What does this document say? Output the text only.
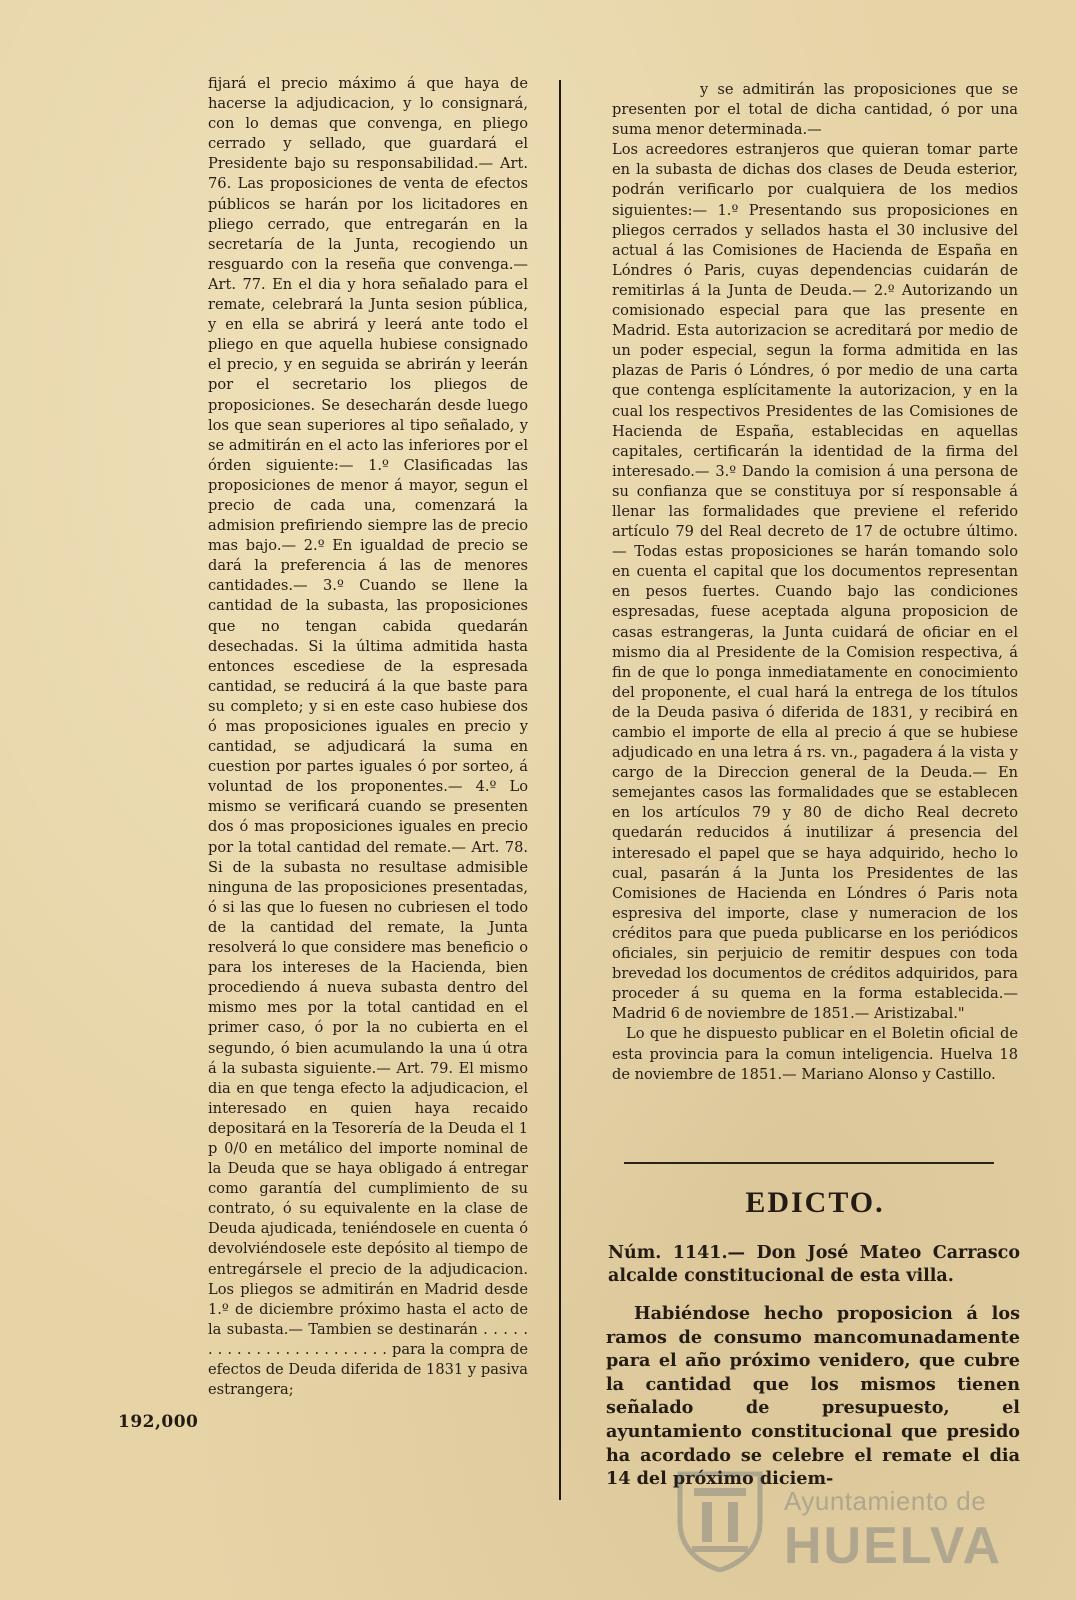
fijará el precio máximo á que haya de hacerse la adjudicacion, y lo consignará, con lo demas que convenga, en pliego cerrado y sellado, que guardará el Presidente bajo su responsabilidad.— Art. 76. Las proposiciones de venta de efectos públicos se harán por los licitadores en pliego cerrado, que entregarán en la secretaría de la Junta, recogiendo un resguardo con la reseña que convenga.— Art. 77. En el dia y hora señalado para el remate, celebrará la Junta sesion pública, y en ella se abrirá y leerá ante todo el pliego en que aquella hubiese consignado el precio, y en seguida se abrirán y leerán por el secretario los pliegos de proposiciones. Se desecharán desde luego los que sean superiores al tipo señalado, y se admitirán en el acto las inferiores por el órden siguiente:— 1.º Clasificadas las proposiciones de menor á mayor, segun el precio de cada una, comenzará la admision prefiriendo siempre las de precio mas bajo.— 2.º En igualdad de precio se dará la preferencia á las de menores cantidades.— 3.º Cuando se llene la cantidad de la subasta, las proposiciones que no tengan cabida quedarán desechadas. Si la última admitida hasta entonces escediese de la espresada cantidad, se reducirá á la que baste para su completo; y si en este caso hubiese dos ó mas proposiciones iguales en precio y cantidad, se adjudicará la suma en cuestion por partes iguales ó por sorteo, á voluntad de los proponentes.— 4.º Lo mismo se verificará cuando se presenten dos ó mas proposiciones iguales en precio por la total cantidad del remate.— Art. 78. Si de la subasta no resultase admisible ninguna de las proposiciones presentadas, ó si las que lo fuesen no cubriesen el todo de la cantidad del remate, la Junta resolverá lo que considere mas beneficio o para los intereses de la Hacienda, bien procediendo á nueva subasta dentro del mismo mes por la total cantidad en el primer caso, ó por la no cubierta en el segundo, ó bien acumulando la una ú otra á la subasta siguiente.— Art. 79. El mismo dia en que tenga efecto la adjudicacion, el interesado en quien haya recaido depositará en la Tesorería de la Deuda el 1 p 0/0 en metálico del importe nominal de la Deuda que se haya obligado á entregar como garantía del cumplimiento de su contrato, ó su equivalente en la clase de Deuda ajudicada, teniéndosele en cuenta ó devolviéndosele este depósito al tiempo de entregársele el precio de la adjudicacion. Los pliegos se admitirán en Madrid desde 1.º de diciembre próximo hasta el acto de la subasta.— Tambien se destinarán . . . . . . . . . . . . . . . . . . . . . . . . para la compra de efectos de Deuda diferida de 1831 y pasiva estrangera;

192,000

y se admitirán las proposiciones que se presenten por el total de dicha cantidad, ó por una suma menor determinada.—

Los acreedores estranjeros que quieran tomar parte en la subasta de dichas dos clases de Deuda esterior, podrán verificarlo por cualquiera de los medios siguientes:— 1.º Presentando sus proposiciones en pliegos cerrados y sellados hasta el 30 inclusive del actual á las Comisiones de Hacienda de España en Lóndres ó Paris, cuyas dependencias cuidarán de remitirlas á la Junta de Deuda.— 2.º Autorizando un comisionado especial para que las presente en Madrid. Esta autorizacion se acreditará por medio de un poder especial, segun la forma admitida en las plazas de Paris ó Lóndres, ó por medio de una carta que contenga esplícitamente la autorizacion, y en la cual los respectivos Presidentes de las Comisiones de Hacienda de España, establecidas en aquellas capitales, certificarán la identidad de la firma del interesado.— 3.º Dando la comision á una persona de su confianza que se constituya por sí responsable á llenar las formalidades que previene el referido artículo 79 del Real decreto de 17 de octubre último.— Todas estas proposiciones se harán tomando solo en cuenta el capital que los documentos representan en pesos fuertes. Cuando bajo las condiciones espresadas, fuese aceptada alguna proposicion de casas estrangeras, la Junta cuidará de oficiar en el mismo dia al Presidente de la Comision respectiva, á fin de que lo ponga inmediatamente en conocimiento del proponente, el cual hará la entrega de los títulos de la Deuda pasiva ó diferida de 1831, y recibirá en cambio el importe de ella al precio á que se hubiese adjudicado en una letra á rs. vn., pagadera á la vista y cargo de la Direccion general de la Deuda.— En semejantes casos las formalidades que se establecen en los artículos 79 y 80 de dicho Real decreto quedarán reducidos á inutilizar á presencia del interesado el papel que se haya adquirido, hecho lo cual, pasarán á la Junta los Presidentes de las Comisiones de Hacienda en Lóndres ó Paris nota espresiva del importe, clase y numeracion de los créditos para que pueda publicarse en los periódicos oficiales, sin perjuicio de remitir despues con toda brevedad los documentos de créditos adquiridos, para proceder á su quema en la forma establecida.— Madrid 6 de noviembre de 1851.— Aristizabal."

Lo que he dispuesto publicar en el Boletin oficial de esta provincia para la comun inteligencia. Huelva 18 de noviembre de 1851.— Mariano Alonso y Castillo.

EDICTO.
Núm. 1141.— Don José Mateo Carrasco alcalde constitucional de esta villa.
Habiéndose hecho proposicion á los ramos de consumo mancomunadamente para el año próximo venidero, que cubre la cantidad que los mismos tienen señalado de presupuesto, el ayuntamiento constitucional que presido ha acordado se celebre el remate el dia 14 del próximo diciem-
Ayuntamiento de
HUELVA
